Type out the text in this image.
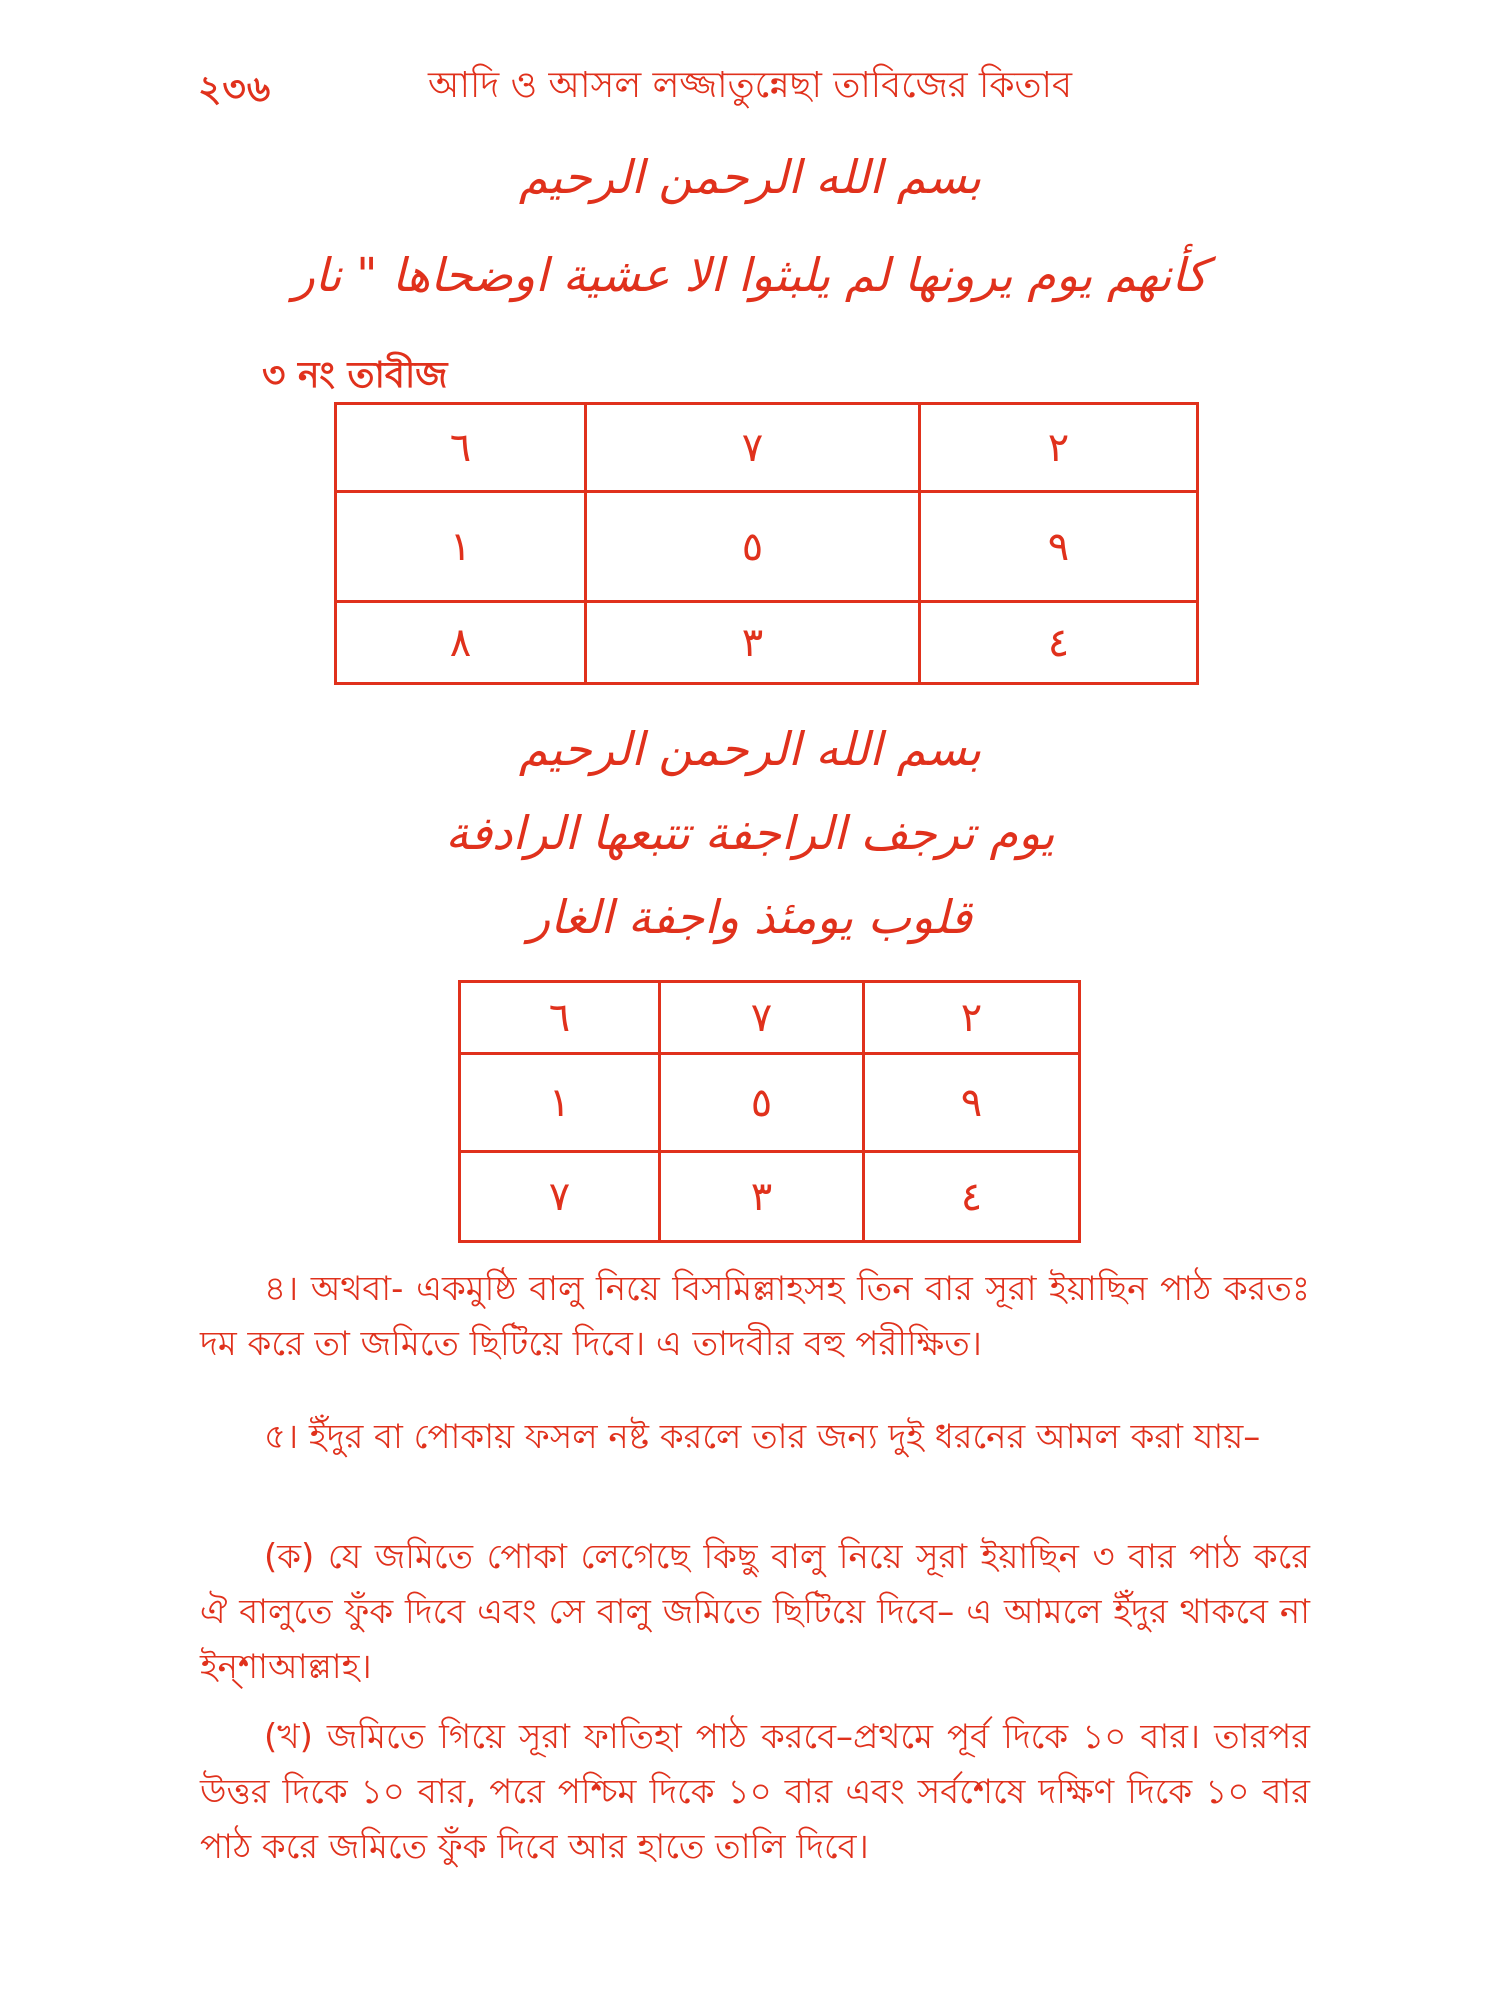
২৩৬	আদি ও আসল লজ্জাতুন্নেছা তাবিজের কিতাব
بسم الله الرحمن الرحيم
كأنهم يوم يرونها لم يلبثوا الا عشية اوضحاها " نار
৩ নং তাবীজ
٦	٧	٢
١	٥	٩
٨	٣	٤
بسم الله الرحمن الرحيم
يوم ترجف الراجفة تتبعها الرادفة
قلوب يومئذ واجفة الغار
٦	٧	٢
١	٥	٩
٧	٣	٤
৪। অথবা- একমুষ্ঠি বালু নিয়ে বিসমিল্লাহসহ তিন বার সূরা ইয়াছিন পাঠ করতঃ দম করে তা জমিতে ছিটিয়ে দিবে। এ তাদবীর বহু পরীক্ষিত।
৫। ইঁদুর বা পোকায় ফসল নষ্ট করলে তার জন্য দুই ধরনের আমল করা যায়–
(ক) যে জমিতে পোকা লেগেছে কিছু বালু নিয়ে সূরা ইয়াছিন ৩ বার পাঠ করে ঐ বালুতে ফুঁক দিবে এবং সে বালু জমিতে ছিটিয়ে দিবে– এ আমলে ইঁদুর থাকবে না ইন্‌শাআল্লাহ।
(খ) জমিতে গিয়ে সূরা ফাতিহা পাঠ করবে–প্রথমে পূর্ব দিকে ১০ বার। তারপর উত্তর দিকে ১০ বার, পরে পশ্চিম দিকে ১০ বার এবং সর্বশেষে দক্ষিণ দিকে ১০ বার পাঠ করে জমিতে ফুঁক দিবে আর হাতে তালি দিবে।
